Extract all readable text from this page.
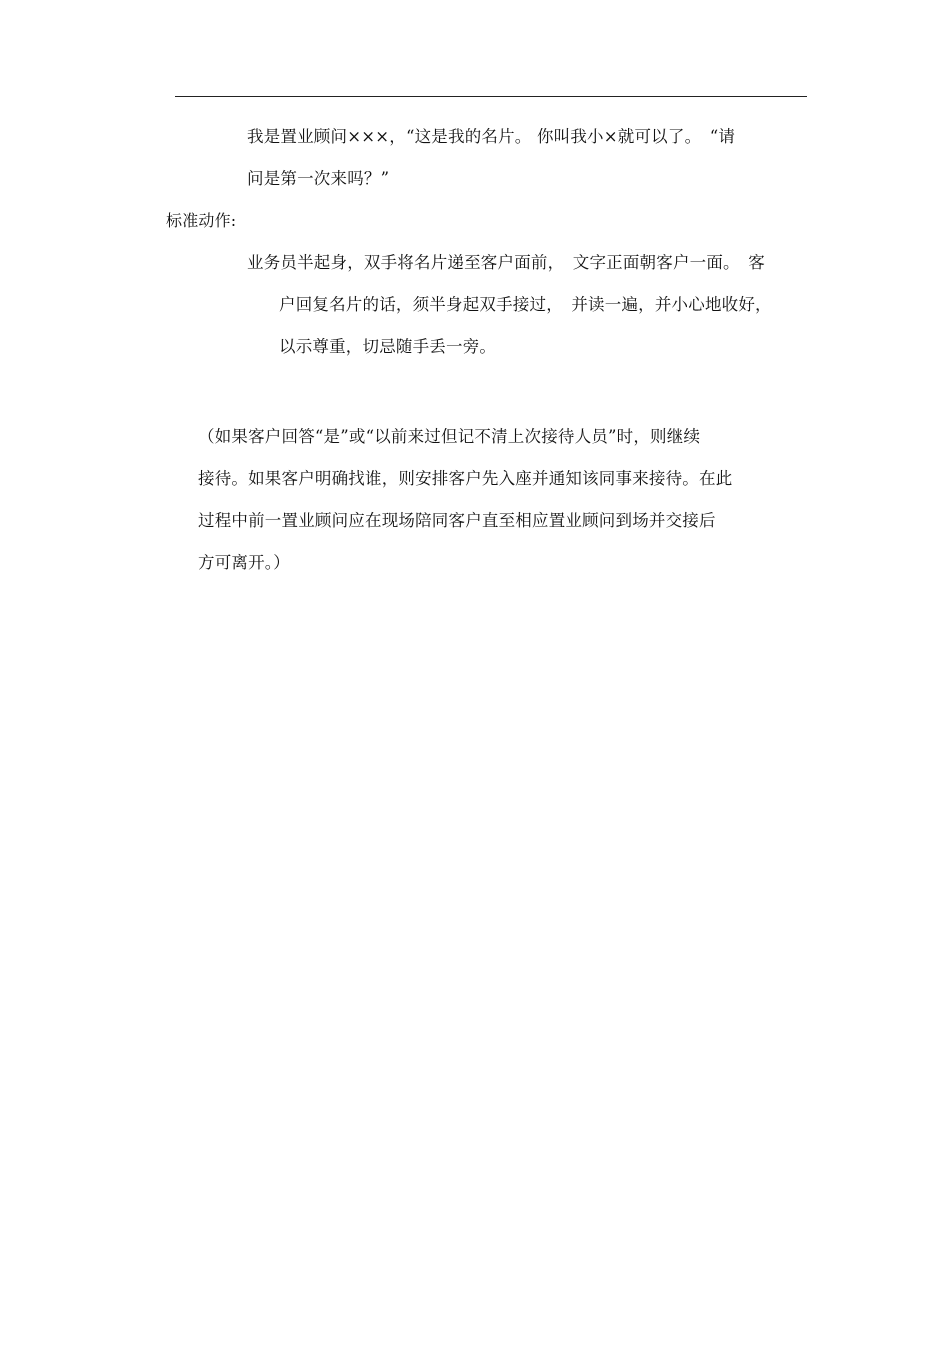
我是置业顾问×××，“这是我的名片。 你叫我小×就可以了。　“请
问是第一次来吗？”
标准动作:
业务员半起身，双手将名片递至客户面前，　文字正面朝客户一面。　客
户回复名片的话，须半身起双手接过，　并读一遍，并小心地收好，
以示尊重，切忌随手丢一旁。
（如果客户回答“是”或“以前来过但记不清上次接待人员”时，则继续
接待。如果客户明确找谁，则安排客户先入座并通知该同事来接待。在此
过程中前一置业顾问应在现场陪同客户直至相应置业顾问到场并交接后
方可离开。）
